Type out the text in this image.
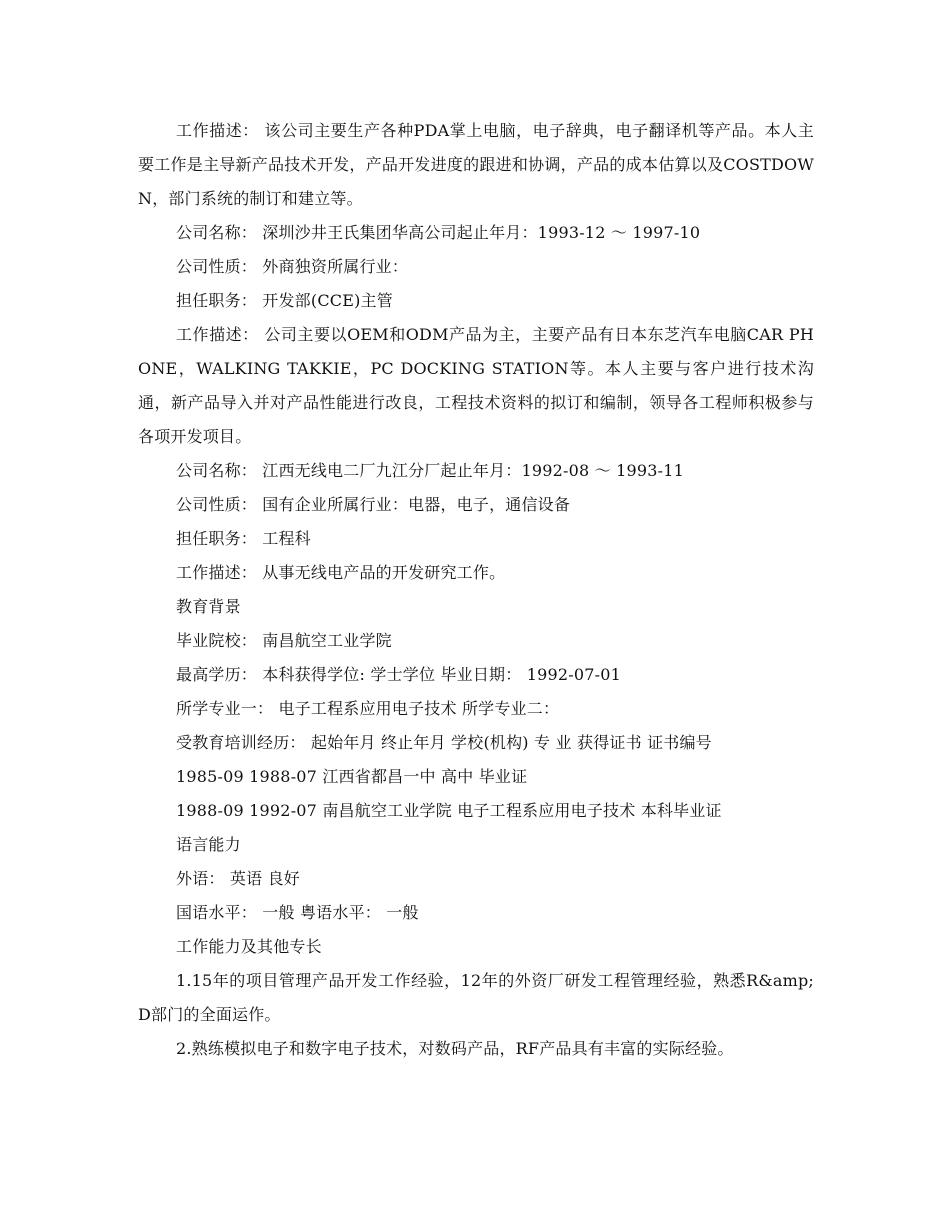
工作描述： 该公司主要生产各种PDA掌上电脑，电子辞典，电子翻译机等产品。本人主要工作是主导新产品技术开发，产品开发进度的跟进和协调，产品的成本估算以及COSTDOWN，部门系统的制订和建立等。

公司名称： 深圳沙井王氏集团华高公司起止年月：1993-12 ～ 1997-10

公司性质： 外商独资所属行业：

担任职务： 开发部(CCE)主管

工作描述： 公司主要以OEM和ODM产品为主，主要产品有日本东芝汽车电脑CAR PHONE，WALKING TAKKIE，PC DOCKING STATION等。本人主要与客户进行技术沟通，新产品导入并对产品性能进行改良，工程技术资料的拟订和编制，领导各工程师积极参与各项开发项目。

公司名称： 江西无线电二厂九江分厂起止年月：1992-08 ～ 1993-11

公司性质： 国有企业所属行业：电器，电子，通信设备

担任职务： 工程科

工作描述： 从事无线电产品的开发研究工作。

教育背景

毕业院校： 南昌航空工业学院

最高学历： 本科获得学位: 学士学位 毕业日期： 1992-07-01

所学专业一： 电子工程系应用电子技术 所学专业二：

受教育培训经历： 起始年月 终止年月 学校(机构) 专 业 获得证书 证书编号

1985-09 1988-07 江西省都昌一中 高中 毕业证

1988-09 1992-07 南昌航空工业学院 电子工程系应用电子技术 本科毕业证

语言能力

外语： 英语 良好

国语水平： 一般 粤语水平： 一般

工作能力及其他专长

1.15年的项目管理产品开发工作经验，12年的外资厂研发工程管理经验，熟悉R&amp;D部门的全面运作。

2.熟练模拟电子和数字电子技术，对数码产品，RF产品具有丰富的实际经验。
